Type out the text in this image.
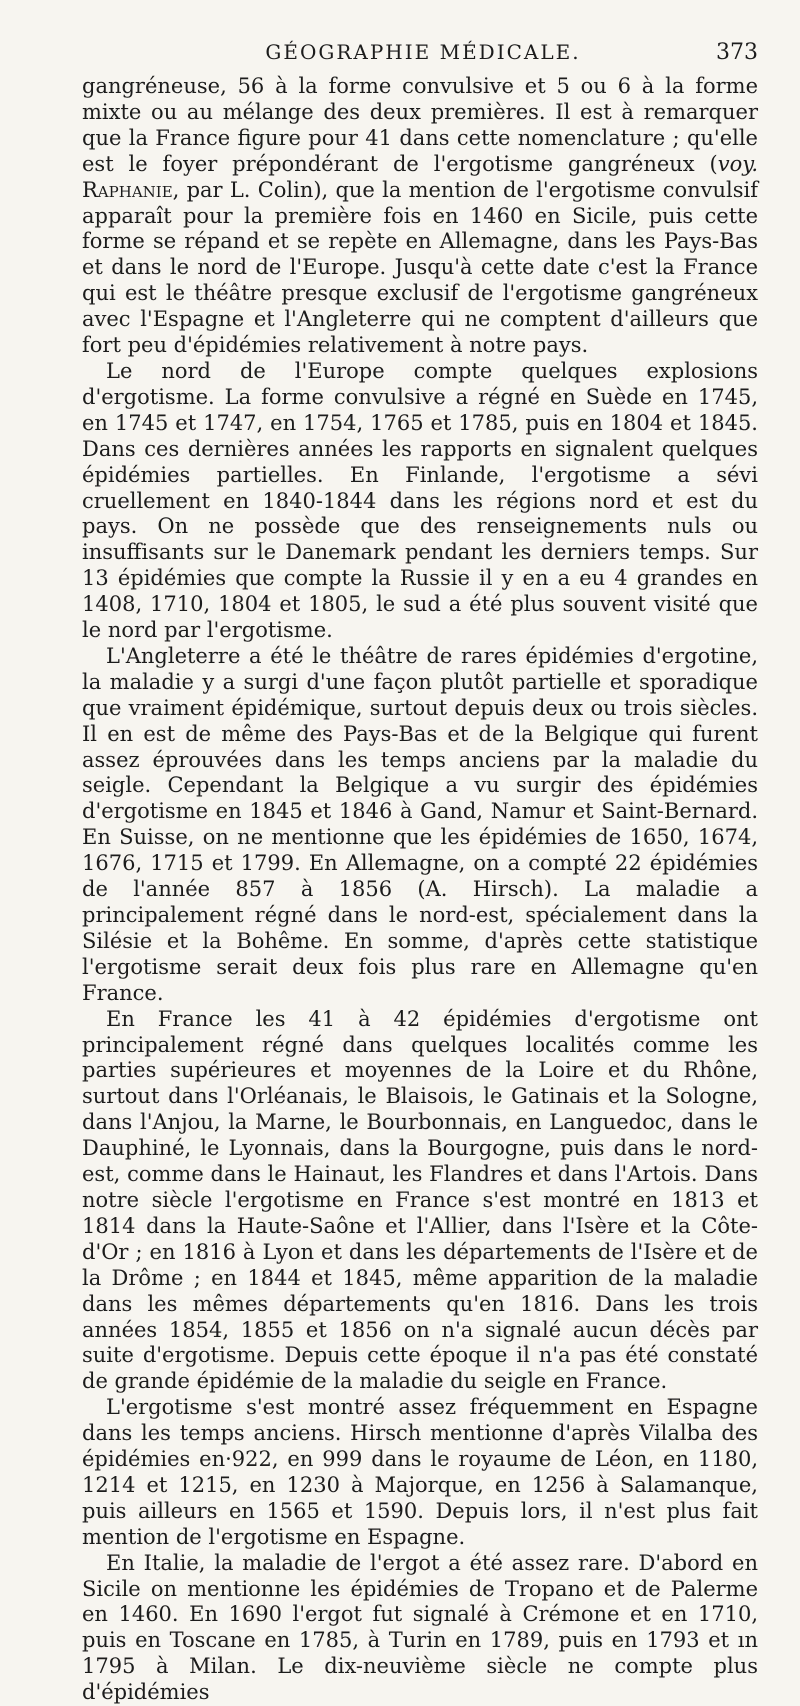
GÉOGRAPHIE MÉDICALE.	373

gangréneuse, 56 à la forme convulsive et 5 ou 6 à la forme mixte ou au mélange des deux premières. Il est à remarquer que la France figure pour 41 dans cette nomenclature ; qu'elle est le foyer prépondérant de l'ergotisme gangréneux (voy. Raphanie, par L. Colin), que la mention de l'ergotisme convulsif apparaît pour la première fois en 1460 en Sicile, puis cette forme se répand et se repète en Allemagne, dans les Pays-Bas et dans le nord de l'Europe. Jusqu'à cette date c'est la France qui est le théâtre presque exclusif de l'ergotisme gangréneux avec l'Espagne et l'Angleterre qui ne comptent d'ailleurs que fort peu d'épidémies relativement à notre pays.

Le nord de l'Europe compte quelques explosions d'ergotisme. La forme convulsive a régné en Suède en 1745, en 1745 et 1747, en 1754, 1765 et 1785, puis en 1804 et 1845. Dans ces dernières années les rapports en signalent quelques épidémies partielles. En Finlande, l'ergotisme a sévi cruellement en 1840-1844 dans les régions nord et est du pays. On ne possède que des renseignements nuls ou insuffisants sur le Danemark pendant les derniers temps. Sur 13 épidémies que compte la Russie il y en a eu 4 grandes en 1408, 1710, 1804 et 1805, le sud a été plus souvent visité que le nord par l'ergotisme.

L'Angleterre a été le théâtre de rares épidémies d'ergotine, la maladie y a surgi d'une façon plutôt partielle et sporadique que vraiment épidémique, surtout depuis deux ou trois siècles. Il en est de même des Pays-Bas et de la Belgique qui furent assez éprouvées dans les temps anciens par la maladie du seigle. Cependant la Belgique a vu surgir des épidémies d'ergotisme en 1845 et 1846 à Gand, Namur et Saint-Bernard. En Suisse, on ne mentionne que les épidémies de 1650, 1674, 1676, 1715 et 1799. En Allemagne, on a compté 22 épidémies de l'année 857 à 1856 (A. Hirsch). La maladie a principalement régné dans le nord-est, spécialement dans la Silésie et la Bohême. En somme, d'après cette statistique l'ergotisme serait deux fois plus rare en Allemagne qu'en France.

En France les 41 à 42 épidémies d'ergotisme ont principalement régné dans quelques localités comme les parties supérieures et moyennes de la Loire et du Rhône, surtout dans l'Orléanais, le Blaisois, le Gatinais et la Sologne, dans l'Anjou, la Marne, le Bourbonnais, en Languedoc, dans le Dauphiné, le Lyonnais, dans la Bourgogne, puis dans le nord-est, comme dans le Hainaut, les Flandres et dans l'Artois. Dans notre siècle l'ergotisme en France s'est montré en 1813 et 1814 dans la Haute-Saône et l'Allier, dans l'Isère et la Côte-d'Or ; en 1816 à Lyon et dans les départements de l'Isère et de la Drôme ; en 1844 et 1845, même apparition de la maladie dans les mêmes départements qu'en 1816. Dans les trois années 1854, 1855 et 1856 on n'a signalé aucun décès par suite d'ergotisme. Depuis cette époque il n'a pas été constaté de grande épidémie de la maladie du seigle en France.

L'ergotisme s'est montré assez fréquemment en Espagne dans les temps anciens. Hirsch mentionne d'après Vilalba des épidémies en·922, en 999 dans le royaume de Léon, en 1180, 1214 et 1215, en 1230 à Majorque, en 1256 à Salamanque, puis ailleurs en 1565 et 1590. Depuis lors, il n'est plus fait mention de l'ergotisme en Espagne.

En Italie, la maladie de l'ergot a été assez rare. D'abord en Sicile on mentionne les épidémies de Tropano et de Palerme en 1460. En 1690 l'ergot fut signalé à Crémone et en 1710, puis en Toscane en 1785, à Turin en 1789, puis en 1793 et ın 1795 à Milan. Le dix-neuvième siècle ne compte plus d'épidémies
